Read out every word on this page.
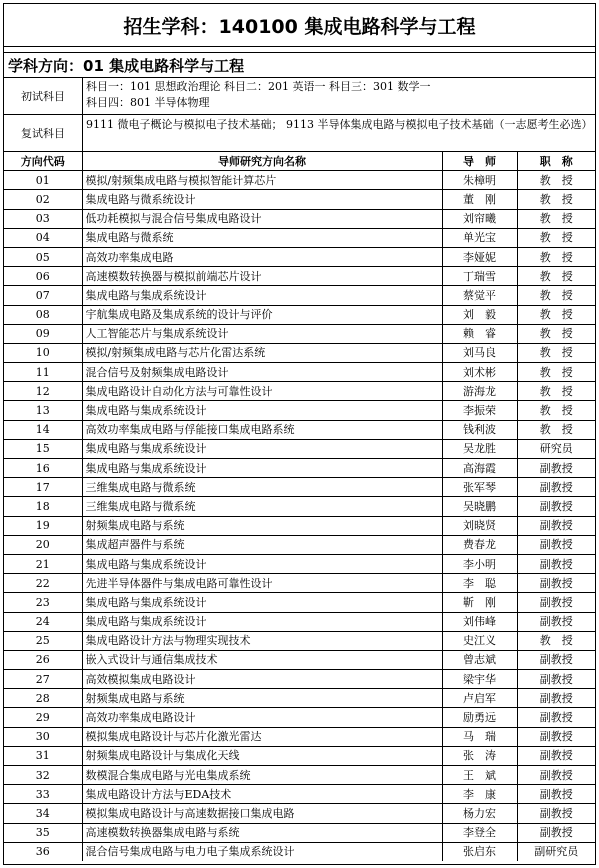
招生学科：140100 集成电路科学与工程
学科方向：01 集成电路科学与工程
初试科目
科目一：101 思想政治理论 科目二：201 英语一 科目三：301 数学一
科目四：801 半导体物理
复试科目
9111 微电子概论与模拟电子技术基础； 9113 半导体集成电路与模拟电子技术基础（一志愿考生必选）
方向代码	导师研究方向名称	导　师	职　称
01	模拟/射频集成电路与模拟智能计算芯片	朱樟明	教　授
02	集成电路与微系统设计	董　刚	教　授
03	低功耗模拟与混合信号集成电路设计	刘帘曦	教　授
04	集成电路与微系统	单光宝	教　授
05	高效功率集成电路	李娅妮	教　授
06	高速模数转换器与模拟前端芯片设计	丁瑞雪	教　授
07	集成电路与集成系统设计	蔡觉平	教　授
08	宇航集成电路及集成系统的设计与评价	刘　毅	教　授
09	人工智能芯片与集成系统设计	赖　睿	教　授
10	模拟/射频集成电路与芯片化雷达系统	刘马良	教　授
11	混合信号及射频集成电路设计	刘术彬	教　授
12	集成电路设计自动化方法与可靠性设计	游海龙	教　授
13	集成电路与集成系统设计	李振荣	教　授
14	高效功率集成电路与俘能接口集成电路系统	钱利波	教　授
15	集成电路与集成系统设计	吴龙胜	研究员
16	集成电路与集成系统设计	高海霞	副教授
17	三维集成电路与微系统	张军琴	副教授
18	三维集成电路与微系统	吴晓鹏	副教授
19	射频集成电路与系统	刘晓贤	副教授
20	集成超声器件与系统	费春龙	副教授
21	集成电路与集成系统设计	李小明	副教授
22	先进半导体器件与集成电路可靠性设计	李　聪	副教授
23	集成电路与集成系统设计	靳　刚	副教授
24	集成电路与集成系统设计	刘伟峰	副教授
25	集成电路设计方法与物理实现技术	史江义	教　授
26	嵌入式设计与通信集成技术	曾志斌	副教授
27	高效模拟集成电路设计	梁宇华	副教授
28	射频集成电路与系统	卢启军	副教授
29	高效功率集成电路设计	励勇远	副教授
30	模拟集成电路设计与芯片化激光雷达	马　瑞	副教授
31	射频集成电路设计与集成化天线	张　涛	副教授
32	数模混合集成电路与光电集成系统	王　斌	副教授
33	集成电路设计方法与EDA技术	李　康	副教授
34	模拟集成电路设计与高速数据接口集成电路	杨力宏	副教授
35	高速模数转换器集成电路与系统	李登全	副教授
36	混合信号集成电路与电力电子集成系统设计	张启东	副研究员
